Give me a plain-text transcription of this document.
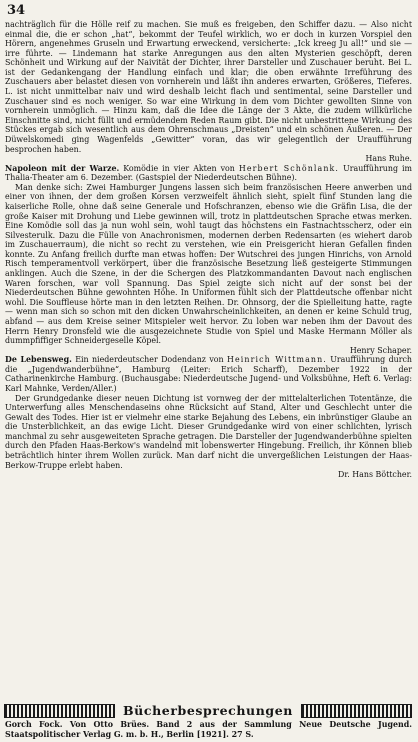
34

nachträglich für die Hölle reif zu machen. Sie muß es freigeben, den Schiffer dazu. — Also nicht einmal die, die er schon „hat“, bekommt der Teufel wirklich, wo er doch in kurzen Vorspiel den Hörern, angenehmes Gruseln und Erwartung erweckend, versicherte: „Ick kreeg Ju all!“ und sie — irre führte. — Lindemann hat starke Anregungen aus den alten Mysterien geschöpft, deren Schönheit und Wirkung auf der Naivität der Dichter, ihrer Darsteller und Zuschauer beruht. Bei L. ist der Gedankengang der Handlung einfach und klar; die oben erwähnte Irreführung des Zuschauers aber belastet diesen von vornherein und läßt ihn anderes erwarten, Größeres, Tieferes. L. ist nicht unmittelbar naiv und wird deshalb leicht flach und sentimental, seine Darsteller und Zuschauer sind es noch weniger. So war eine Wirkung in dem vom Dichter gewollten Sinne von vornherein unmöglich. — Hinzu kam, daß die Idee die Länge der 3 Akte, die zudem willkürliche Einschnitte sind, nicht füllt und ermüdendem Reden Raum gibt. Die nicht unbestrittene Wirkung des Stückes ergab sich wesentlich aus dem Ohrenschmaus „Dreisten“ und ein schönen Äußeren. — Der Düwelskomedi ging Wagenfelds „Gewitter“ voran, das wir gelegentlich der Uraufführung besprochen haben.

Hans Ruhe.

Napoleon mit der Warze. Komödie in vier Akten von Herbert Schönlank. Uraufführung im Thalia-Theater am 6. Dezember. (Gastspiel der Niederdeutschen Bühne).

Man denke sich: Zwei Hamburger Jungens lassen sich beim französischen Heere anwerben und einer von ihnen, der dem großen Korsen verzweifelt ähnlich sieht, spielt fünf Stunden lang die kaiserliche Rolle, ohne daß seine Generale und Hofschranzen, ebenso wie die Gräfin Lisa, die der große Kaiser mit Drohung und Liebe gewinnen will, trotz in plattdeutschen Sprache etwas merken. Eine Komödie soll das ja nun wohl sein, wohl taugt das höchstens ein Fastnachtsscherz, oder ein Silvesterulk. Dazu die Fülle von Anachronismen, modernen derben Redensarten (es wiehert darob im Zuschauerraum), die nicht so recht zu verstehen, wie ein Preisgericht hieran Gefallen finden konnte. Zu Anfang freilich durfte man etwas hoffen: Der Wutschrei des jungen Hinrichs, von Arnold Risch temperamentvoll verkörpert, über die französische Besetzung ließ gesteigerte Stimmungen anklingen. Auch die Szene, in der die Schergen des Platzkommandanten Davout nach englischen Waren forschen, war voll Spannung. Das Spiel zeigte sich nicht auf der sonst bei der Niederdeutschen Bühne gewohnten Höhe. In Uniformen fühlt sich der Plattdeutsche offenbar nicht wohl. Die Souffleuse hörte man in den letzten Reihen. Dr. Ohnsorg, der die Spielleitung hatte, ragte — wenn man sich so schon mit den dicken Unwahrscheinlichkeiten, an denen er keine Schuld trug, abfand — aus dem Kreise seiner Mitspieler weit hervor. Zu loben war neben ihm der Davout des Herrn Henry Dronsfeld wie die ausgezeichnete Studie von Spiel und Maske Hermann Möller als dummpfiffiger Schneidergeselle Köpel.

Henry Schaper.

De Lebensweg. Ein niederdeutscher Dodendanz von Heinrich Wittmann. Uraufführung durch die „Jugendwanderbühne“, Hamburg (Leiter: Erich Scharff), Dezember 1922 in der Catharinenkirche Hamburg. (Buchausgabe: Niederdeutsche Jugend- und Volksbühne, Heft 6. Verlag: Karl Mahnke, Verden/Aller.)

Der Grundgedanke dieser neuen Dichtung ist vornweg der der mittelalterlichen Totentänze, die Unterwerfung alles Menschendaseins ohne Rücksicht auf Stand, Alter und Geschlecht unter die Gewalt des Todes. Hier ist er vielmehr eine starke Bejahung des Lebens, ein inbrünstiger Glaube an die Unsterblichkeit, an das ewige Licht. Dieser Grundgedanke wird von einer schlichten, lyrisch manchmal zu sehr ausgeweiteten Sprache getragen. Die Darsteller der Jugendwanderbühne spielten durch den Pfaden Haas-Berkow's wandelnd mit lobenswerter Hingebung. Freilich, ihr Können blieb beträchtlich hinter ihrem Wollen zurück. Man darf nicht die unvergeßlichen Leistungen der Haas-Berkow-Truppe erlebt haben.

Dr. Hans Böttcher.
Bücherbesprechungen
Gorch Fock. Von Otto Brües. Band 2 aus der Sammlung Neue Deutsche Jugend. Staatspolitischer Verlag G. m. b. H., Berlin [1921]. 27 S.
